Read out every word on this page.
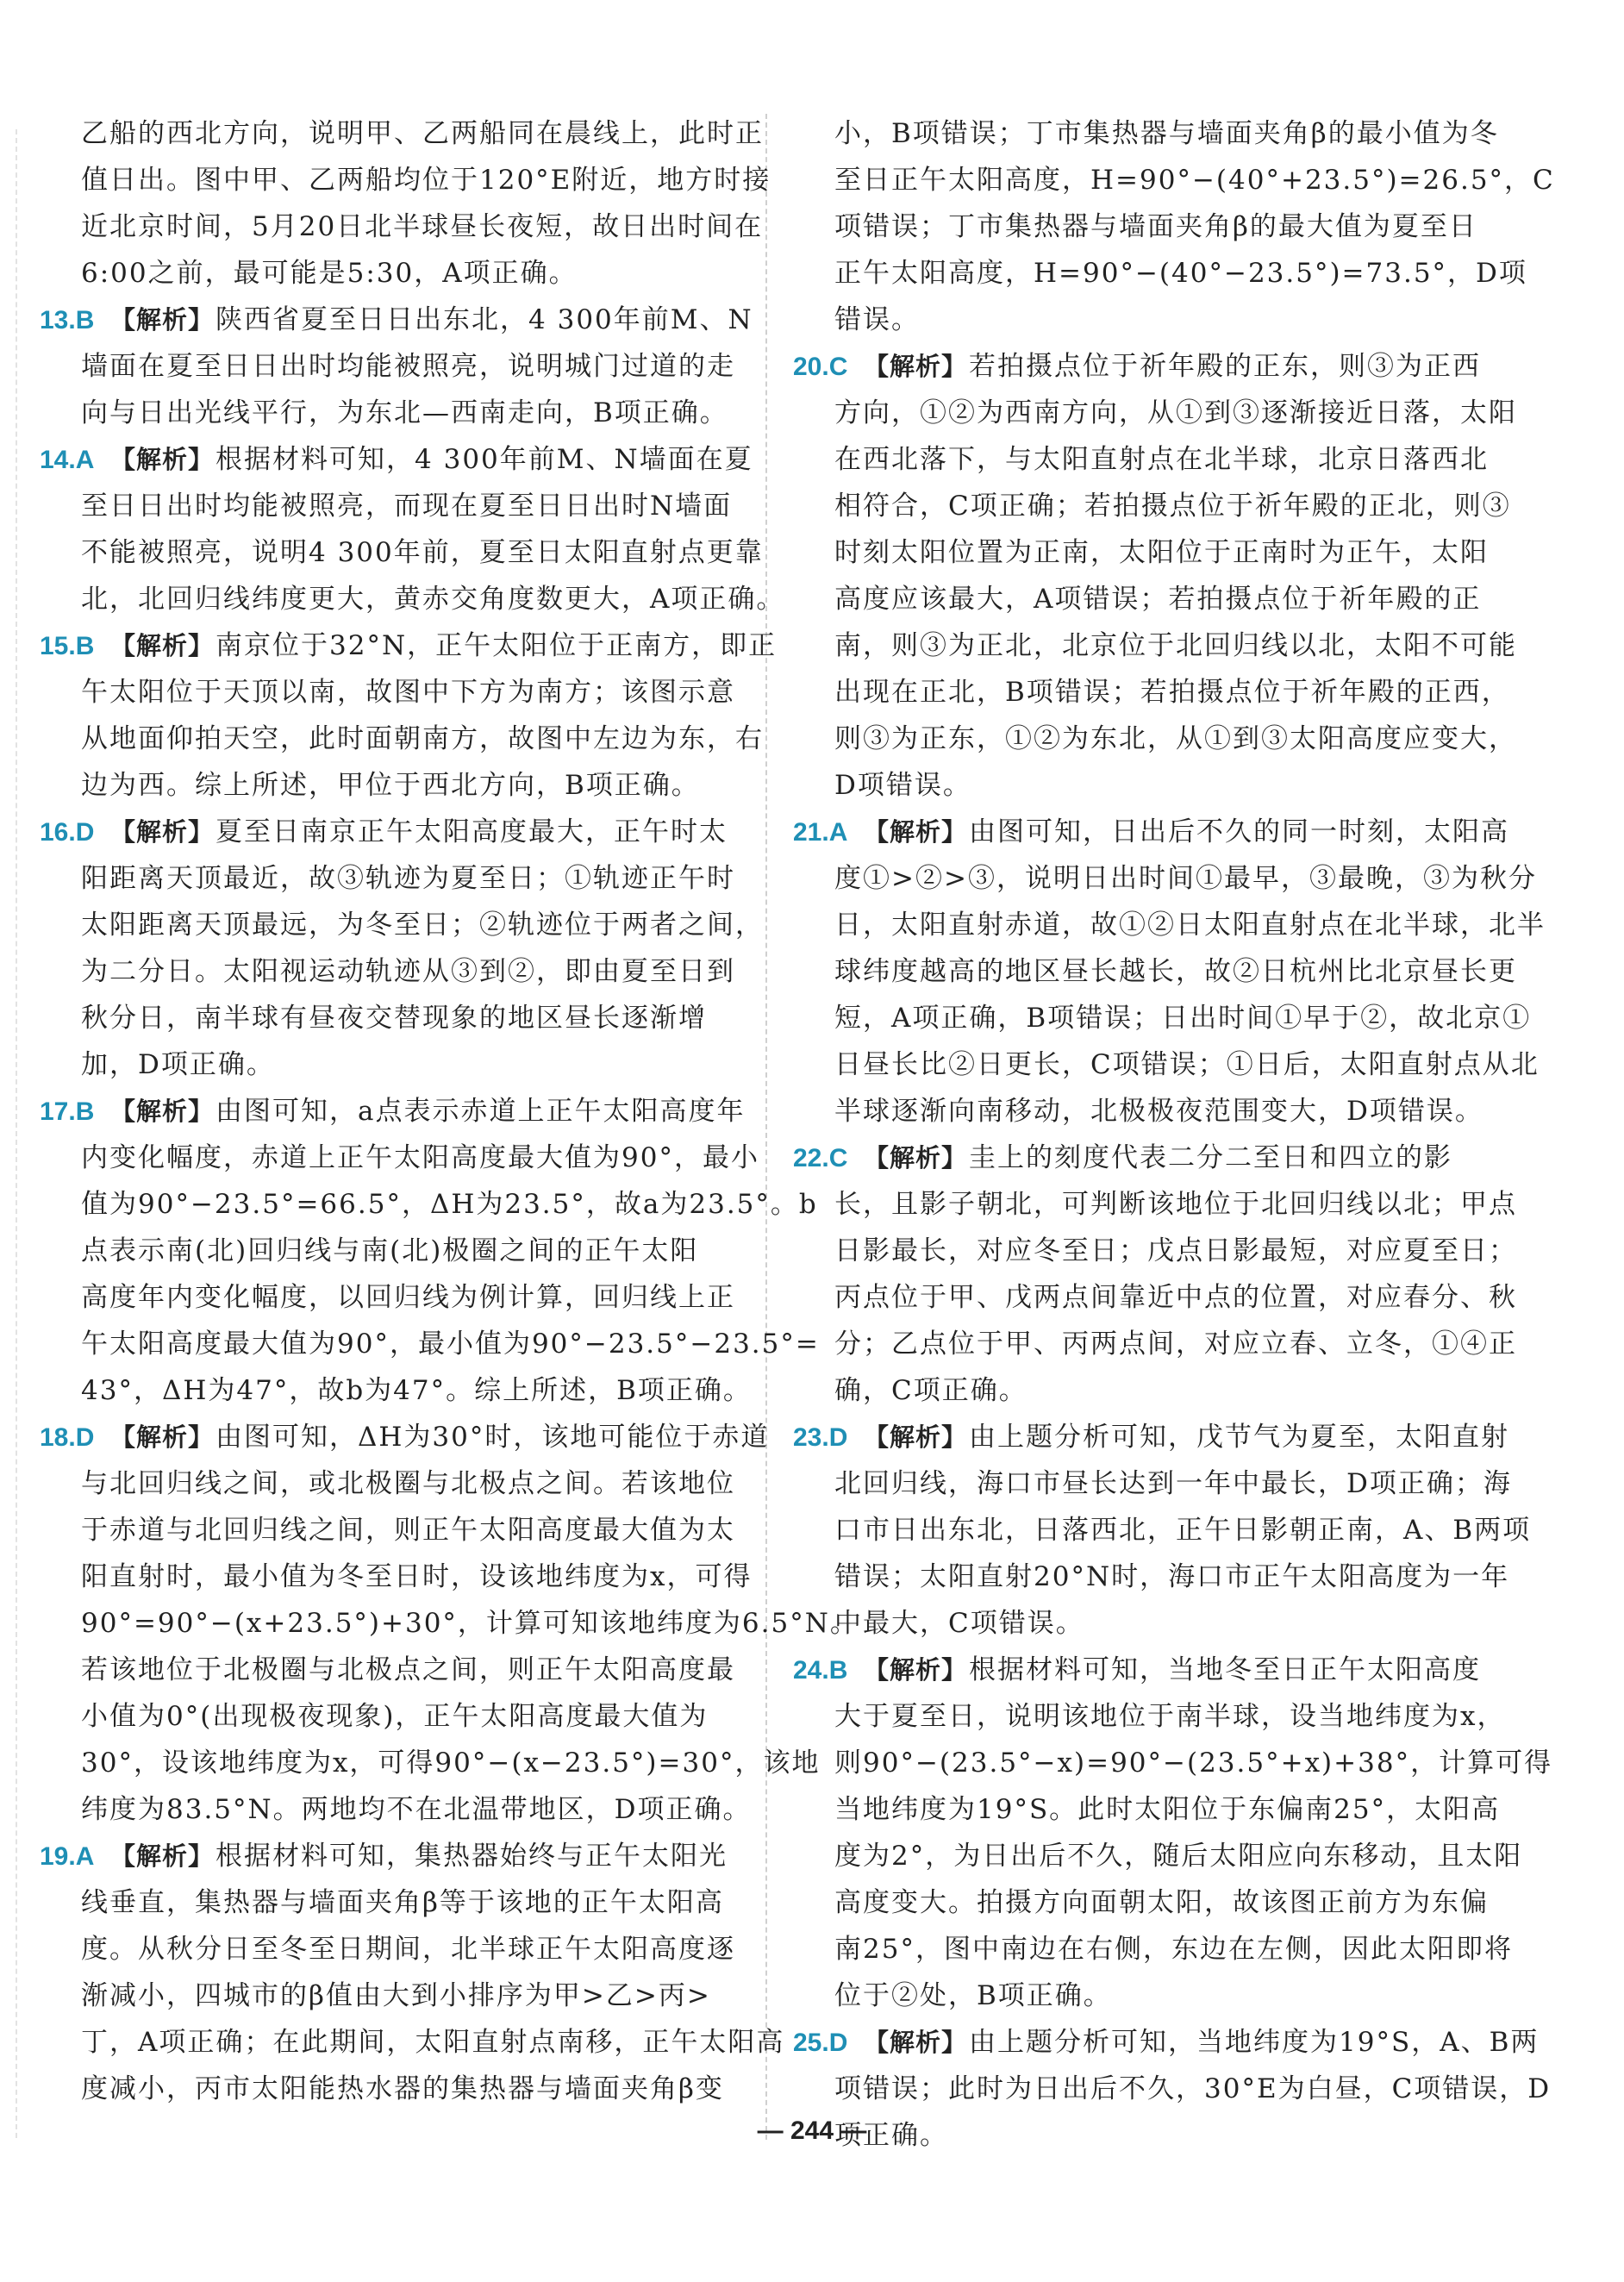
乙船的西北方向，说明甲、乙两船同在晨线上，此时正
值日出。图中甲、乙两船均位于120°E附近，地方时接
近北京时间，5月20日北半球昼长夜短，故日出时间在
6:00之前，最可能是5:30，A项正确。
13.B 【解析】陕西省夏至日日出东北，4 300年前M、N
墙面在夏至日日出时均能被照亮，说明城门过道的走
向与日出光线平行，为东北—西南走向，B项正确。
14.A 【解析】根据材料可知，4 300年前M、N墙面在夏
至日日出时均能被照亮，而现在夏至日日出时N墙面
不能被照亮，说明4 300年前，夏至日太阳直射点更靠
北，北回归线纬度更大，黄赤交角度数更大，A项正确。
15.B 【解析】南京位于32°N，正午太阳位于正南方，即正
午太阳位于天顶以南，故图中下方为南方；该图示意
从地面仰拍天空，此时面朝南方，故图中左边为东，右
边为西。综上所述，甲位于西北方向，B项正确。
16.D 【解析】夏至日南京正午太阳高度最大，正午时太
阳距离天顶最近，故③轨迹为夏至日；①轨迹正午时
太阳距离天顶最远，为冬至日；②轨迹位于两者之间，
为二分日。太阳视运动轨迹从③到②，即由夏至日到
秋分日，南半球有昼夜交替现象的地区昼长逐渐增
加，D项正确。
17.B 【解析】由图可知，a点表示赤道上正午太阳高度年
内变化幅度，赤道上正午太阳高度最大值为90°，最小
值为90°−23.5°=66.5°，ΔH为23.5°，故a为23.5°。b
点表示南(北)回归线与南(北)极圈之间的正午太阳
高度年内变化幅度，以回归线为例计算，回归线上正
午太阳高度最大值为90°，最小值为90°−23.5°−23.5°=
43°，ΔH为47°，故b为47°。综上所述，B项正确。
18.D 【解析】由图可知，ΔH为30°时，该地可能位于赤道
与北回归线之间，或北极圈与北极点之间。若该地位
于赤道与北回归线之间，则正午太阳高度最大值为太
阳直射时，最小值为冬至日时，设该地纬度为x，可得
90°=90°−(x+23.5°)+30°，计算可知该地纬度为6.5°N。
若该地位于北极圈与北极点之间，则正午太阳高度最
小值为0°(出现极夜现象)，正午太阳高度最大值为
30°，设该地纬度为x，可得90°−(x−23.5°)=30°，该地
纬度为83.5°N。两地均不在北温带地区，D项正确。
19.A 【解析】根据材料可知，集热器始终与正午太阳光
线垂直，集热器与墙面夹角β等于该地的正午太阳高
度。从秋分日至冬至日期间，北半球正午太阳高度逐
渐减小，四城市的β值由大到小排序为甲>乙>丙>
丁，A项正确；在此期间，太阳直射点南移，正午太阳高
度减小，丙市太阳能热水器的集热器与墙面夹角β变
小，B项错误；丁市集热器与墙面夹角β的最小值为冬
至日正午太阳高度，H=90°−(40°+23.5°)=26.5°，C
项错误；丁市集热器与墙面夹角β的最大值为夏至日
正午太阳高度，H=90°−(40°−23.5°)=73.5°，D项
错误。
20.C 【解析】若拍摄点位于祈年殿的正东，则③为正西
方向，①②为西南方向，从①到③逐渐接近日落，太阳
在西北落下，与太阳直射点在北半球，北京日落西北
相符合，C项正确；若拍摄点位于祈年殿的正北，则③
时刻太阳位置为正南，太阳位于正南时为正午，太阳
高度应该最大，A项错误；若拍摄点位于祈年殿的正
南，则③为正北，北京位于北回归线以北，太阳不可能
出现在正北，B项错误；若拍摄点位于祈年殿的正西，
则③为正东，①②为东北，从①到③太阳高度应变大，
D项错误。
21.A 【解析】由图可知，日出后不久的同一时刻，太阳高
度①>②>③，说明日出时间①最早，③最晚，③为秋分
日，太阳直射赤道，故①②日太阳直射点在北半球，北半
球纬度越高的地区昼长越长，故②日杭州比北京昼长更
短，A项正确，B项错误；日出时间①早于②，故北京①
日昼长比②日更长，C项错误；①日后，太阳直射点从北
半球逐渐向南移动，北极极夜范围变大，D项错误。
22.C 【解析】圭上的刻度代表二分二至日和四立的影
长，且影子朝北，可判断该地位于北回归线以北；甲点
日影最长，对应冬至日；戊点日影最短，对应夏至日；
丙点位于甲、戊两点间靠近中点的位置，对应春分、秋
分；乙点位于甲、丙两点间，对应立春、立冬，①④正
确，C项正确。
23.D 【解析】由上题分析可知，戊节气为夏至，太阳直射
北回归线，海口市昼长达到一年中最长，D项正确；海
口市日出东北，日落西北，正午日影朝正南，A、B两项
错误；太阳直射20°N时，海口市正午太阳高度为一年
中最大，C项错误。
24.B 【解析】根据材料可知，当地冬至日正午太阳高度
大于夏至日，说明该地位于南半球，设当地纬度为x，
则90°−(23.5°−x)=90°−(23.5°+x)+38°，计算可得
当地纬度为19°S。此时太阳位于东偏南25°，太阳高
度为2°，为日出后不久，随后太阳应向东移动，且太阳
高度变大。拍摄方向面朝太阳，故该图正前方为东偏
南25°，图中南边在右侧，东边在左侧，因此太阳即将
位于②处，B项正确。
25.D 【解析】由上题分析可知，当地纬度为19°S，A、B两
项错误；此时为日出后不久，30°E为白昼，C项错误，D
项正确。
— 244 —
